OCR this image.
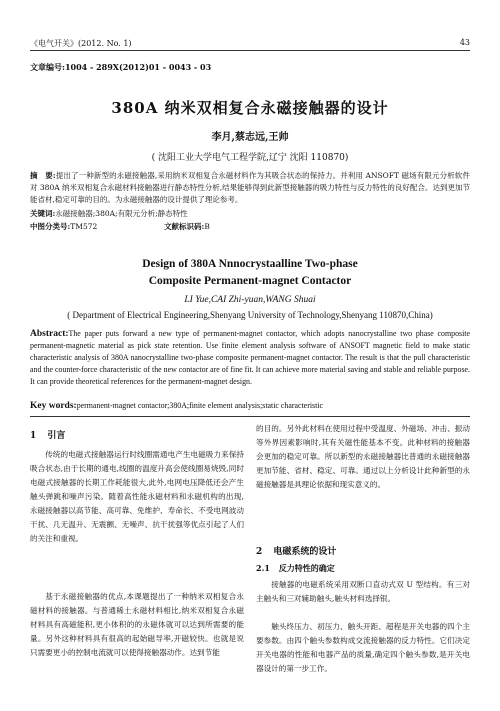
《电气开关》(2012. No. 1)	43
文章编号:1004 - 289X(2012)01 - 0043 - 03
380A 纳米双相复合永磁接触器的设计
李月,蔡志远,王帅
( 沈阳工业大学电气工程学院,辽宁 沈阳 110870)
摘　要:提出了一种新型的永磁接触器,采用纳米双相复合永磁材料作为其吸合状态的保持力。并利用 ANSOFT 磁场有限元分析软件对 380A 纳米双相复合永磁材料接触器进行静态特性分析,结果能够得到此新型接触器的吸力特性与反力特性的良好配合。达到更加节能省材,稳定可靠的目的。为永磁接触器的设计提供了理论参考。
关键词:永磁接触器;380A;有限元分析;静态特性
中图分类号:TM572	文献标识码:B
Design of 380A Nnnocrystaalline Two-phase
Composite Permanent-magnet Contactor
LI Yue,CAI Zhi-yuan,WANG Shuai
( Department of Electrical Engineering,Shenyang University of Technology,Shenyang 110870,China)
Abstract:The paper puts forward a new type of permanent-magnet contactor, which adopts nanocrystalline two phase composite permanent-magnetic material as pick state retention. Use finite element analysis software of ANSOFT magnetic field to make static characteristic analysis of 380A nanocrystalline two-phase composite permanent-magnet contactor. The result is that the pull characteristic and the counter-force characteristic of the new contactor are of fine fit. It can achieve more material saving and stable and reliable purpose. It can provide theoretical references for the permanent-magnet design.
Key words:permanent-magnet contactor;380A;finite element analysis;static characteristic
1 引言
传统的电磁式接触器运行时线圈需通电产生电磁吸力来保持吸合状态,由于长期的通电,线圈的温度升高会使线圈易烧毁,同时电磁式接触器的长期工作耗能很大,此外,电网电压降低还会产生触头弹跳和噪声污染。随着高性能永磁材料和永磁机构的出现,永磁接触器以高节能、高可靠、免维护、寿命长、不受电网波动干扰、几无温升、无震颤、无噪声、抗干扰强等优点引起了人们的关注和重视。
基于永磁接触器的优点,本课题提出了一种纳米双相复合永磁材料的接触器。与普通稀土永磁材料相比,纳米双相复合永磁材料具有高磁能积,更小体积的的永磁体就可以达到所需要的能量。另外这种材料具有很高的起始磁导率,开磁较快。也就是说只需要更小的控制电流就可以使得接触器动作。达到节能
的目的。另外此材料在使用过程中受温度、外磁场、冲击、振动等外界因素影响时,其有关磁性能基本不变。此种材料的接触器会更加的稳定可靠。所以新型的永磁接触器比普通的永磁接触器更加节能、省材、稳定、可靠。通过以上分析设计此种新型的永磁接触器是具理论依据和现实意义的。
2 电磁系统的设计
2.1 反力特性的确定
接触器的电磁系统采用双断口直动式双 U 型结构。有三对主触头和三对辅助触头,触头材料选择银。
触头终压力、初压力、触头开距、超程是开关电器的四个主要参数。由四个触头参数构成交流接触器的反力特性。它们决定开关电器的性能和电器产品的质量,确定四个触头参数,是开关电器设计的第一步工作。
